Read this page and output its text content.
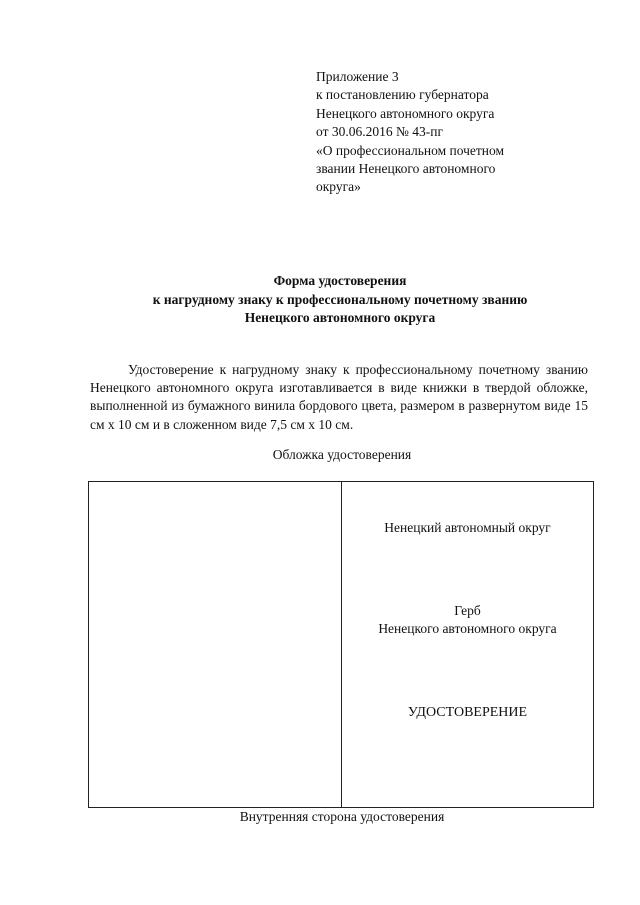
Приложение 3
к постановлению губернатора
Ненецкого автономного округа
от 30.06.2016 № 43-пг
«О профессиональном почетном
звании Ненецкого автономного
округа»
Форма удостоверения
к нагрудному знаку к профессиональному почетному званию
Ненецкого автономного округа

Удостоверение к нагрудному знаку к профессиональному почетному званию Ненецкого автономного округа изготавливается в виде книжки в твердой обложке, выполненной из бумажного винила бордового цвета, размером в развернутом виде 15 см х 10 см и в сложенном виде 7,5 см х 10 см.

Обложка удостоверения
Ненецкий автономный округ
Герб
Ненецкого автономного округа
УДОСТОВЕРЕНИЕ
Внутренняя сторона удостоверения
